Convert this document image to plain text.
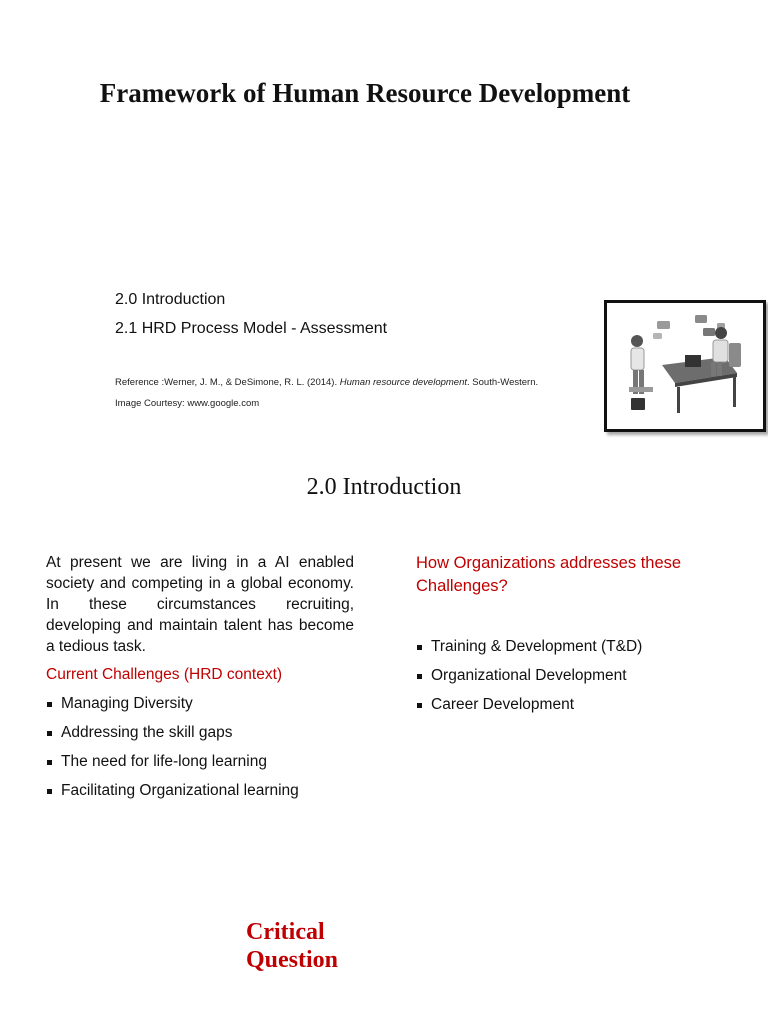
Framework of Human Resource Development
2.0 Introduction
2.1 HRD Process Model - Assessment
Reference :Werner, J. M., & DeSimone, R. L. (2014). Human resource development. South-Western.
Image Courtesy: www.google.com
2.0 Introduction
At present we are living in a AI enabled society and competing in a global economy. In these circumstances recruiting, developing and maintain talent has become a tedious task.
Current Challenges (HRD context)
Managing Diversity
Addressing the skill gaps
The need for life-long learning
Facilitating Organizational learning
How Organizations addresses these Challenges?
Training & Development (T&D)
Organizational Development
Career Development
Critical
Question
